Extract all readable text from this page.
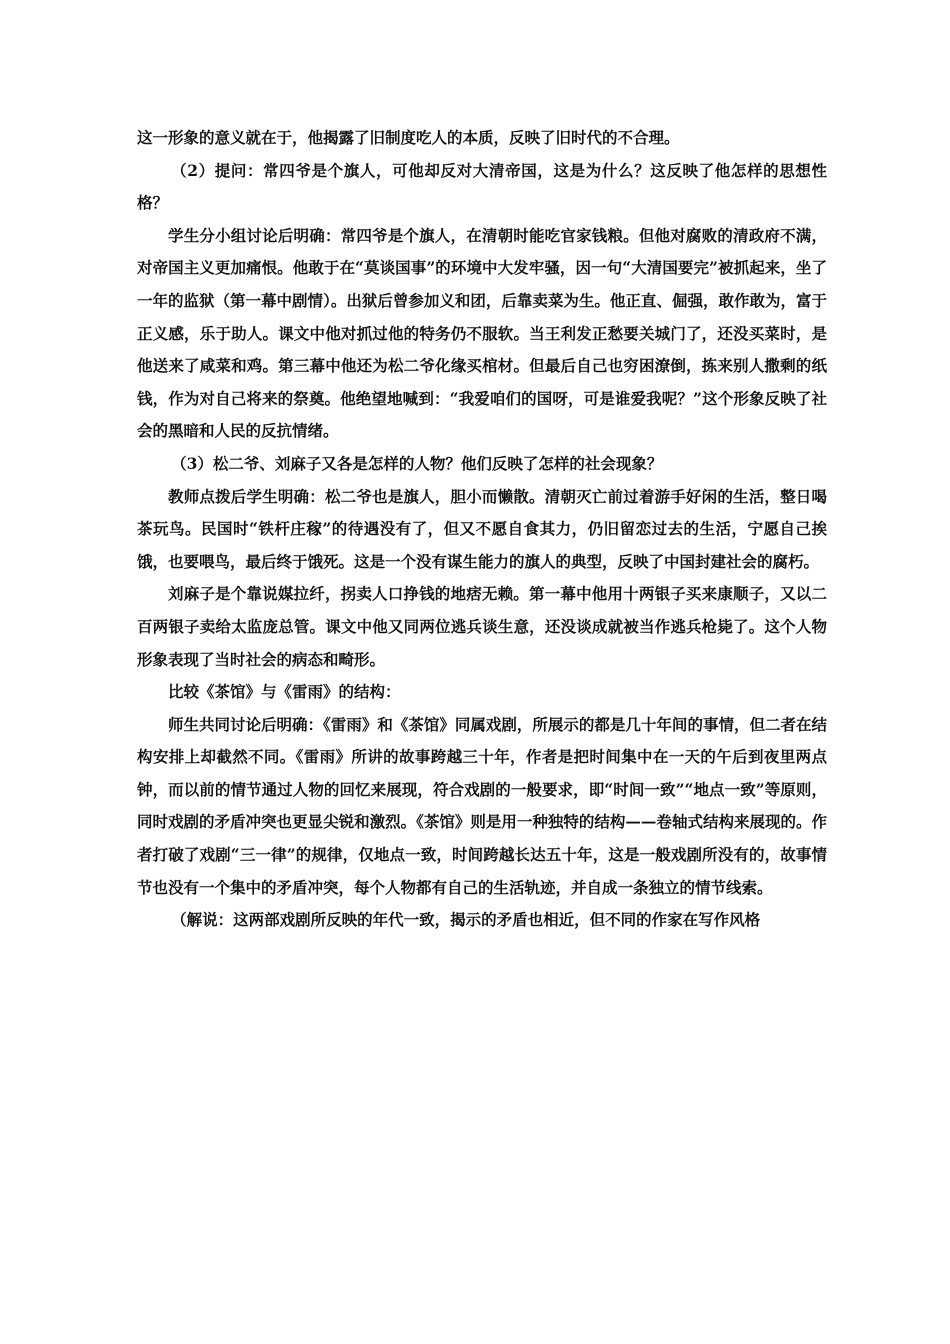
这一形象的意义就在于，他揭露了旧制度吃人的本质，反映了旧时代的不合理。

（2）提问：常四爷是个旗人，可他却反对大清帝国，这是为什么？这反映了他怎样的思想性格？

学生分小组讨论后明确：常四爷是个旗人，在清朝时能吃官家钱粮。但他对腐败的清政府不满，对帝国主义更加痛恨。他敢于在“莫谈国事”的环境中大发牢骚，因一句“大清国要完”被抓起来，坐了一年的监狱（第一幕中剧情）。出狱后曾参加义和团，后靠卖菜为生。他正直、倔强，敢作敢为，富于正义感，乐于助人。课文中他对抓过他的特务仍不服软。当王利发正愁要关城门了，还没买菜时，是他送来了咸菜和鸡。第三幕中他还为松二爷化缘买棺材。但最后自己也穷困潦倒，拣来别人撒剩的纸钱，作为对自己将来的祭奠。他绝望地喊到：“我爱咱们的国呀，可是谁爱我呢？”这个形象反映了社会的黑暗和人民的反抗情绪。

（3）松二爷、刘麻子又各是怎样的人物？他们反映了怎样的社会现象？

教师点拨后学生明确：松二爷也是旗人，胆小而懒散。清朝灭亡前过着游手好闲的生活，整日喝茶玩鸟。民国时“铁杆庄稼”的待遇没有了，但又不愿自食其力，仍旧留恋过去的生活，宁愿自己挨饿，也要喂鸟，最后终于饿死。这是一个没有谋生能力的旗人的典型，反映了中国封建社会的腐朽。

刘麻子是个靠说媒拉纤，拐卖人口挣钱的地痞无赖。第一幕中他用十两银子买来康顺子，又以二百两银子卖给太监庞总管。课文中他又同两位逃兵谈生意，还没谈成就被当作逃兵枪毙了。这个人物形象表现了当时社会的病态和畸形。

比较《茶馆》与《雷雨》的结构：

师生共同讨论后明确：《雷雨》和《茶馆》同属戏剧，所展示的都是几十年间的事情，但二者在结构安排上却截然不同。《雷雨》所讲的故事跨越三十年，作者是把时间集中在一天的午后到夜里两点钟，而以前的情节通过人物的回忆来展现，符合戏剧的一般要求，即“时间一致”“地点一致”等原则，同时戏剧的矛盾冲突也更显尖锐和激烈。《茶馆》则是用一种独特的结构——卷轴式结构来展现的。作者打破了戏剧“三一律”的规律，仅地点一致，时间跨越长达五十年，这是一般戏剧所没有的，故事情节也没有一个集中的矛盾冲突，每个人物都有自己的生活轨迹，并自成一条独立的情节线索。

（解说：这两部戏剧所反映的年代一致，揭示的矛盾也相近，但不同的作家在写作风格
